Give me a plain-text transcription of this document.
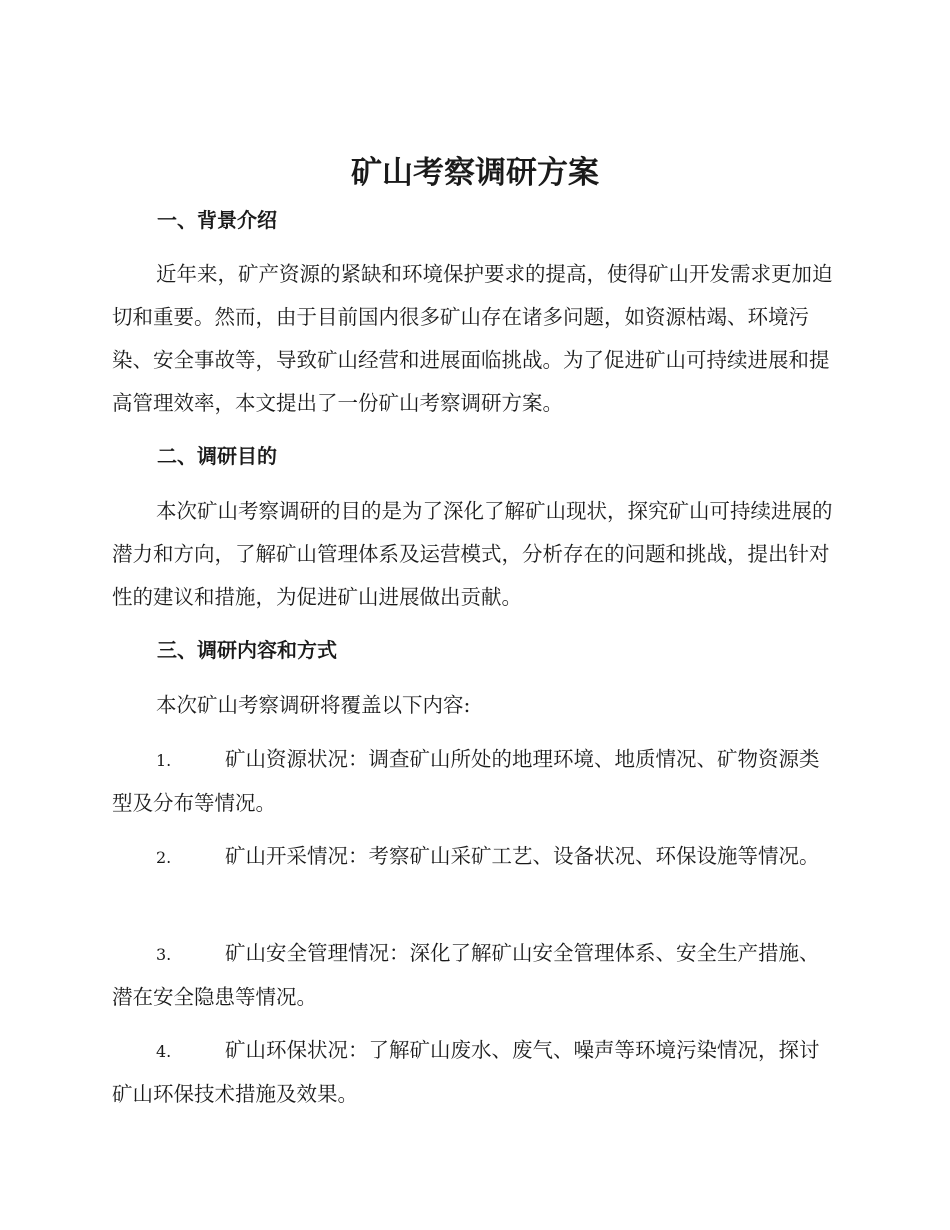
矿山考察调研方案
一、背景介绍

近年来，矿产资源的紧缺和环境保护要求的提高，使得矿山开发需求更加迫切和重要。然而，由于目前国内很多矿山存在诸多问题，如资源枯竭、环境污染、安全事故等，导致矿山经营和进展面临挑战。为了促进矿山可持续进展和提高管理效率，本文提出了一份矿山考察调研方案。

二、调研目的

本次矿山考察调研的目的是为了深化了解矿山现状，探究矿山可持续进展的潜力和方向，了解矿山管理体系及运营模式，分析存在的问题和挑战，提出针对性的建议和措施，为促进矿山进展做出贡献。

三、调研内容和方式

本次矿山考察调研将覆盖以下内容:

1.	矿山资源状况：调查矿山所处的地理环境、地质情况、矿物资源类型及分布等情况。

2.	矿山开采情况：考察矿山采矿工艺、设备状况、环保设施等情况。

3.	矿山安全管理情况：深化了解矿山安全管理体系、安全生产措施、潜在安全隐患等情况。

4.	矿山环保状况：了解矿山废水、废气、噪声等环境污染情况，探讨矿山环保技术措施及效果。
